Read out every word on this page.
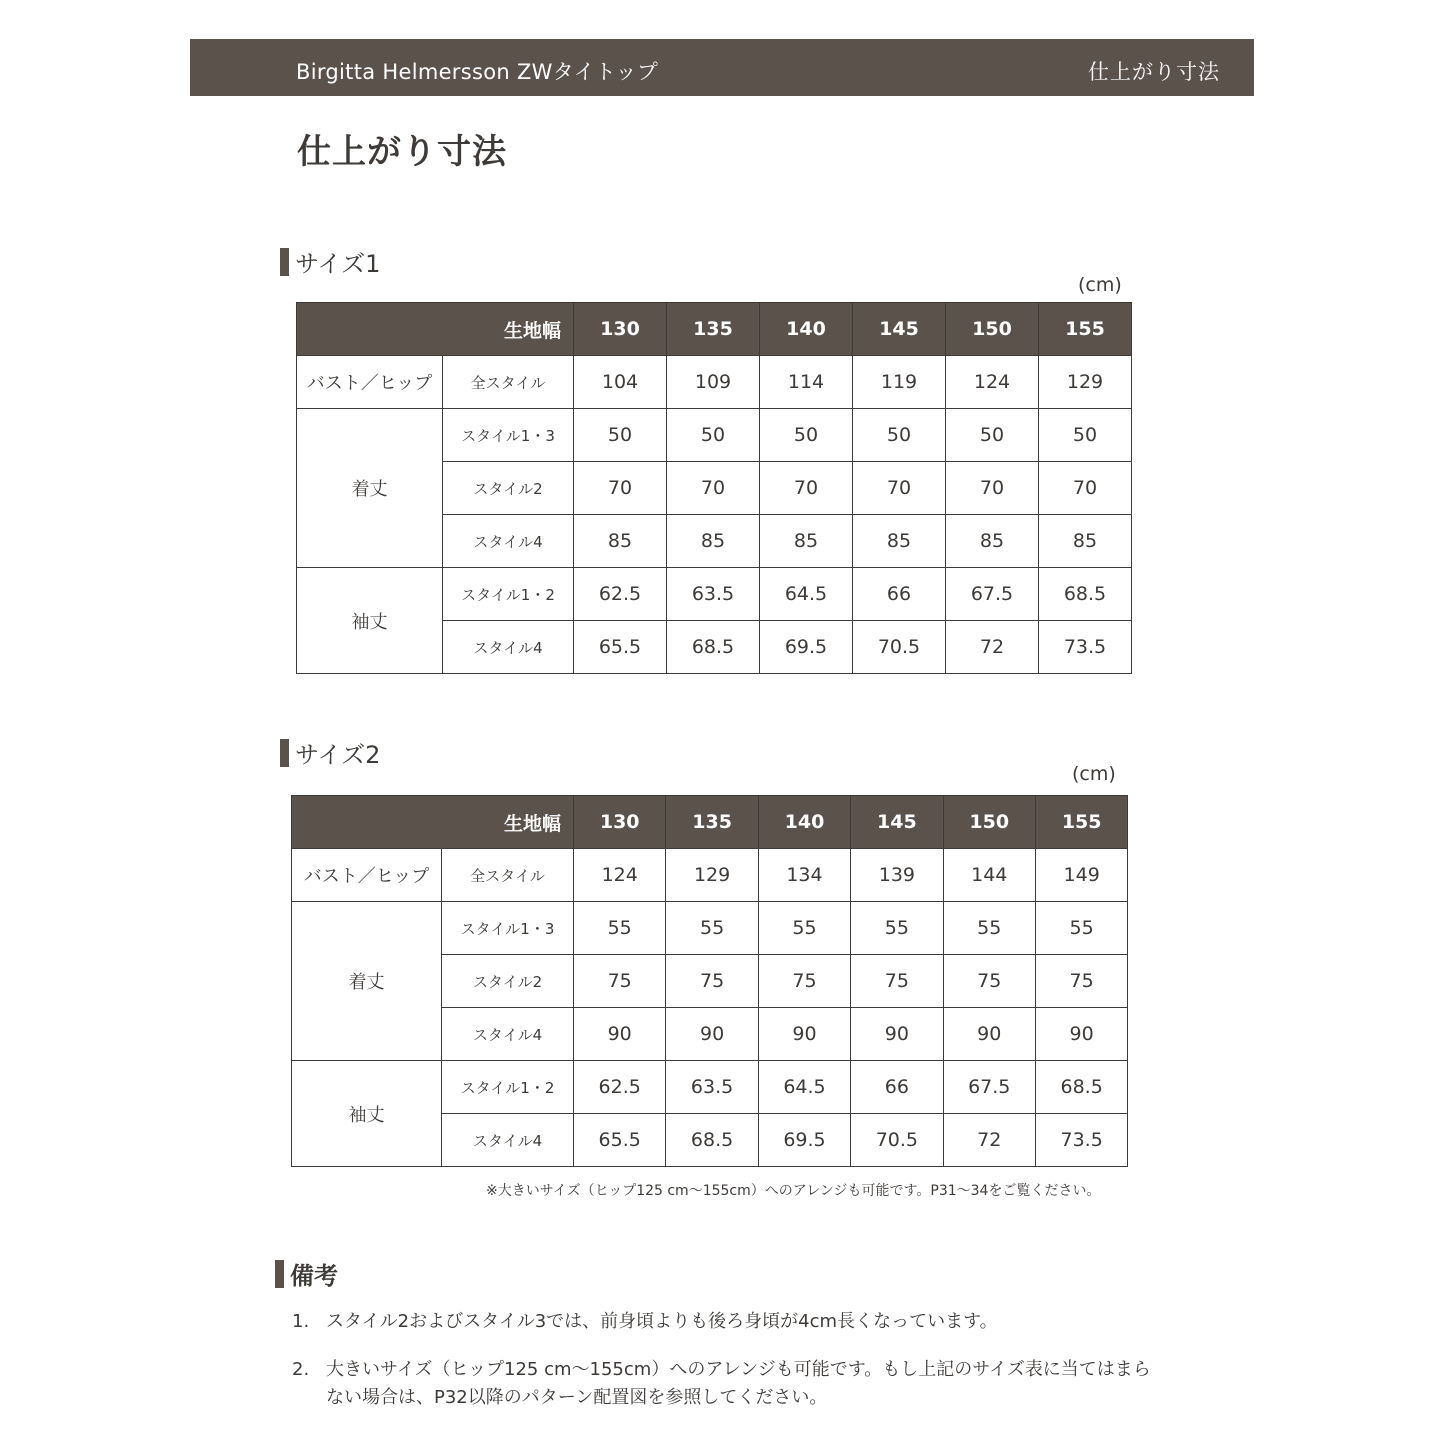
Birgitta Helmersson ZWタイトップ	仕上がり寸法
仕上がり寸法
サイズ1
(cm)
生地幅		130	135	140	145	150	155
バスト／ヒップ	全スタイル	104	109	114	119	124	129
着丈	スタイル1・3	50	50	50	50	50	50
	スタイル2	70	70	70	70	70	70
	スタイル4	85	85	85	85	85	85
袖丈	スタイル1・2	62.5	63.5	64.5	66	67.5	68.5
	スタイル4	65.5	68.5	69.5	70.5	72	73.5
サイズ2
(cm)
生地幅		130	135	140	145	150	155
バスト／ヒップ	全スタイル	124	129	134	139	144	149
着丈	スタイル1・3	55	55	55	55	55	55
	スタイル2	75	75	75	75	75	75
	スタイル4	90	90	90	90	90	90
袖丈	スタイル1・2	62.5	63.5	64.5	66	67.5	68.5
	スタイル4	65.5	68.5	69.5	70.5	72	73.5
※大きいサイズ（ヒップ125 cm〜155cm）へのアレンジも可能です。P31〜34をご覧ください。
備考
1. スタイル2およびスタイル3では、前身頃よりも後ろ身頃が4cm長くなっています。
2. 大きいサイズ（ヒップ125 cm〜155cm）へのアレンジも可能です。もし上記のサイズ表に当てはまらない場合は、P32以降のパターン配置図を参照してください。
